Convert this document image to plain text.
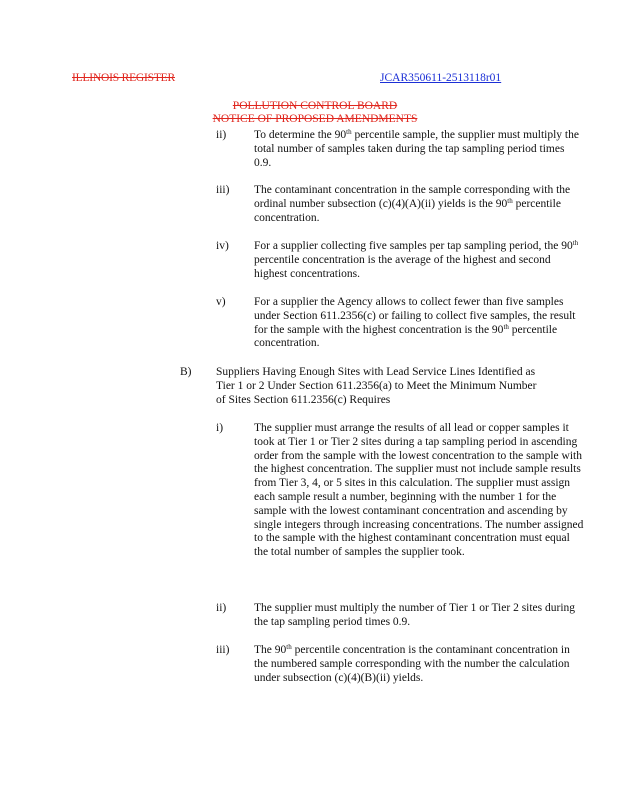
ILLINOIS REGISTER	JCAR350611-2513118r01
POLLUTION CONTROL BOARD
NOTICE OF PROPOSED AMENDMENTS
ii) To determine the 90th percentile sample, the supplier must multiply the total number of samples taken during the tap sampling period times 0.9.

iii) The contaminant concentration in the sample corresponding with the ordinal number subsection (c)(4)(A)(ii) yields is the 90th percentile concentration.

iv) For a supplier collecting five samples per tap sampling period, the 90th percentile concentration is the average of the highest and second highest concentrations.

v) For a supplier the Agency allows to collect fewer than five samples under Section 611.2356(c) or failing to collect five samples, the result for the sample with the highest concentration is the 90th percentile concentration.

B) Suppliers Having Enough Sites with Lead Service Lines Identified as Tier 1 or 2 Under Section 611.2356(a) to Meet the Minimum Number of Sites Section 611.2356(c) Requires

i)	The supplier must arrange the results of all lead or copper samples it took at Tier 1 or Tier 2 sites during a tap sampling period in ascending order from the sample with the lowest concentration to the sample with the highest concentration. The supplier must not include sample results from Tier 3, 4, or 5 sites in this calculation. The supplier must assign each sample result a number, beginning with the number 1 for the sample with the lowest contaminant concentration and ascending by single integers through increasing concentrations. The number assigned to the sample with the highest contaminant concentration must equal the total number of samples the supplier took.

ii) The supplier must multiply the number of Tier 1 or Tier 2 sites during the tap sampling period times 0.9.

iii) The 90th percentile concentration is the contaminant concentration in the numbered sample corresponding with the number the calculation under subsection (c)(4)(B)(ii) yields.
